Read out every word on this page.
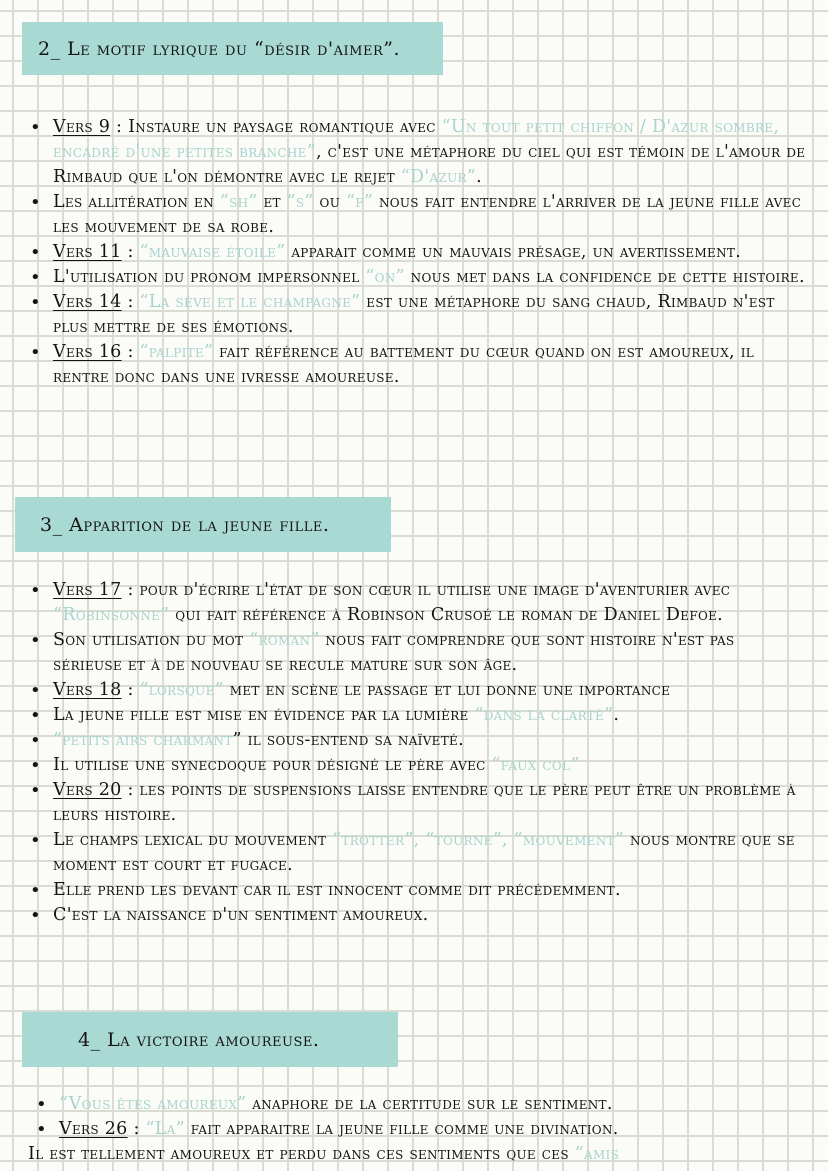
2_ Le motif lyrique du “désir d'aimer”.
• Vers 9 : Instaure un paysage romantique avec “Un tout petit chiffon / D'azur sombre, encadré d'une petites branche”, c'est une métaphore du ciel qui est témoin de l'amour de Rimbaud que l'on démontre avec le rejet “D'azur”.
• Les allitération en “sh” et “s” ou “f” nous fait entendre l'arriver de la jeune fille avec les mouvement de sa robe.
• Vers 11 : “mauvaise étoile” apparait comme un mauvais présage, un avertissement.
• L'utilisation du pronom impersonnel “on” nous met dans la confidence de cette histoire.
• Vers 14 : “La sève et le champagne” est une métaphore du sang chaud, Rimbaud n'est plus mettre de ses émotions.
• Vers 16 : “palpite” fait référence au battement du cœur quand on est amoureux, il rentre donc dans une ivresse amoureuse.
3_ Apparition de la jeune fille.
• Vers 17 : pour d'écrire l'état de son cœur il utilise une image d'aventurier avec “Robinsonne” qui fait référence à Robinson Crusoé le roman de Daniel Defoe.
• Son utilisation du mot “roman” nous fait comprendre que sont histoire n'est pas sérieuse et à de nouveau se recule mature sur son âge.
• Vers 18 : “lorsque” met en scène le passage et lui donne une importance
• La jeune fille est mise en évidence par la lumière “dans la clarté”.
• “petits airs charmant” il sous-entend sa naïveté.
• Il utilise une synecdoque pour désigné le père avec “faux col”
• Vers 20 : les points de suspensions laisse entendre que le père peut être un problème à leurs histoire.
• Le champs lexical du mouvement “trotter”, “tourne”, “mouvement” nous montre que se moment est court et fugace.
• Elle prend les devant car il est innocent comme dit précédemment.
• C'est la naissance d'un sentiment amoureux.
4_ La victoire amoureuse.
• “Vous êtes amoureux” anaphore de la certitude sur le sentiment.
• Vers 26 : “La” fait apparaitre la jeune fille comme une divination.
Il est tellement amoureux et perdu dans ces sentiments que ces “amis
